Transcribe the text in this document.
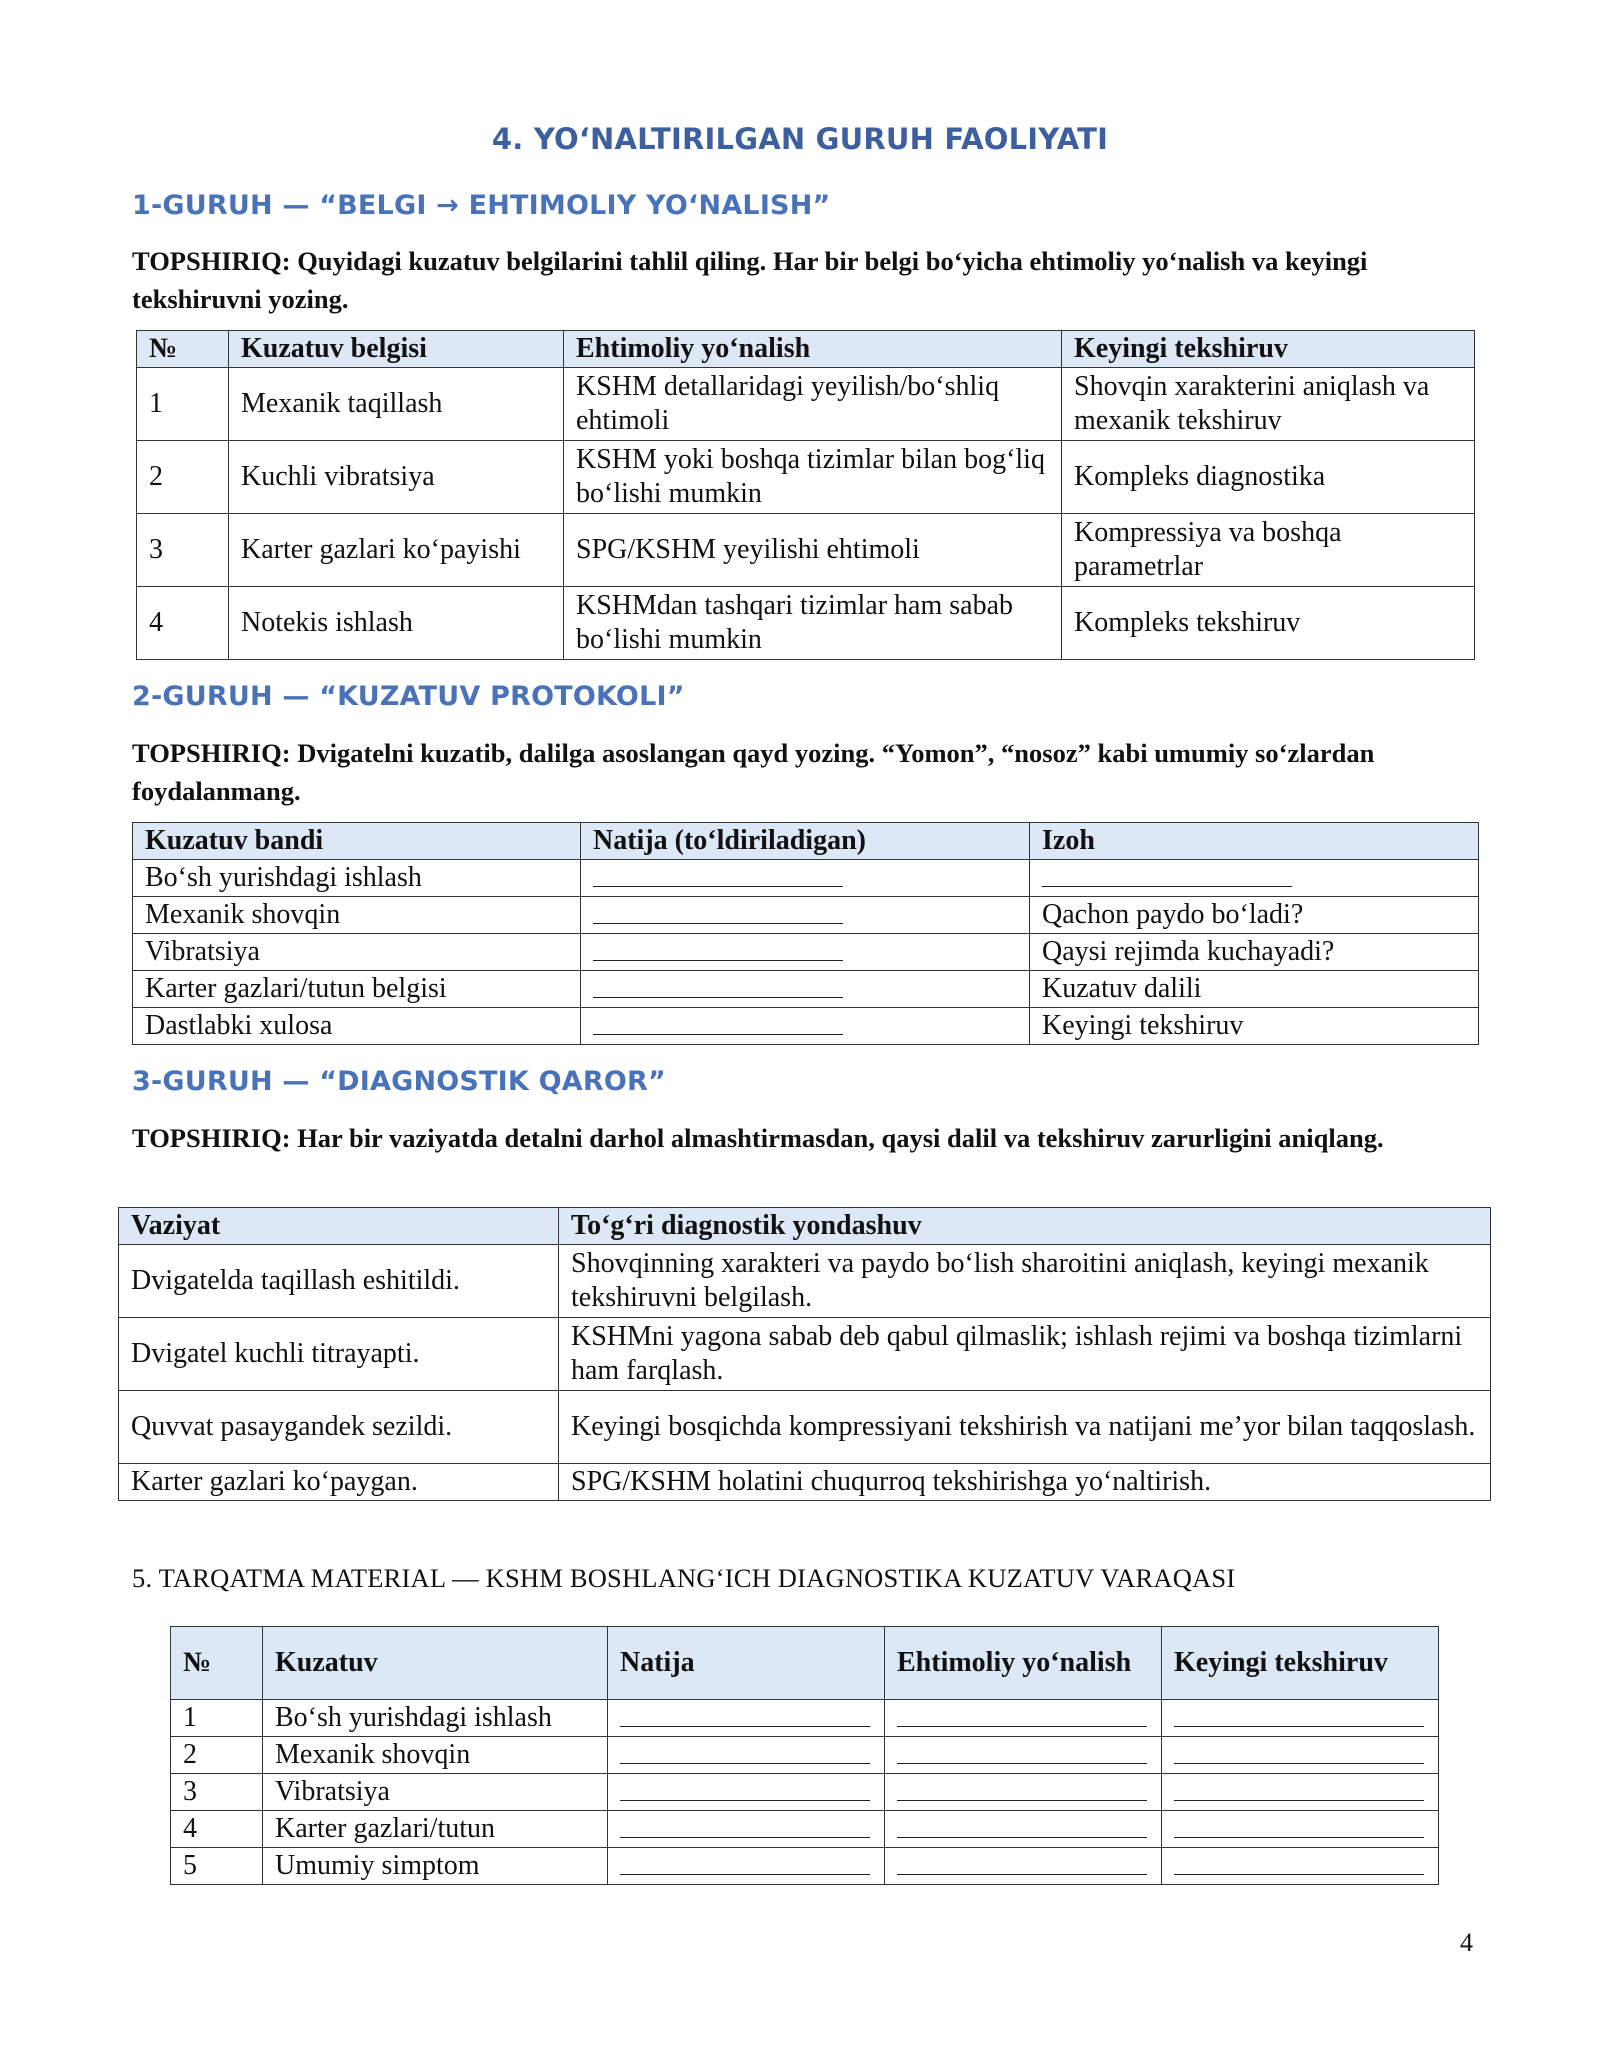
4. YO‘NALTIRILGAN GURUH FAOLIYATI
1-GURUH — “BELGI → EHTIMOLIY YO‘NALISH”
TOPSHIRIQ: Quyidagi kuzatuv belgilarini tahlil qiling. Har bir belgi bo‘yicha ehtimoliy yo‘nalish va keyingi tekshiruvni yozing.
№	Kuzatuv belgisi	Ehtimoliy yo‘nalish	Keyingi tekshiruv
1	Mexanik taqillash	KSHM detallaridagi yeyilish/bo‘shliq ehtimoli	Shovqin xarakterini aniqlash va mexanik tekshiruv
2	Kuchli vibratsiya	KSHM yoki boshqa tizimlar bilan bog‘liq bo‘lishi mumkin	Kompleks diagnostika
3	Karter gazlari ko‘payishi	SPG/KSHM yeyilishi ehtimoli	Kompressiya va boshqa parametrlar
4	Notekis ishlash	KSHMdan tashqari tizimlar ham sabab bo‘lishi mumkin	Kompleks tekshiruv
2-GURUH — “KUZATUV PROTOKOLI”
TOPSHIRIQ: Dvigatelni kuzatib, dalilga asoslangan qayd yozing. “Yomon”, “nosoz” kabi umumiy so‘zlardan foydalanmang.
Kuzatuv bandi	Natija (to‘ldiriladigan)	Izoh
Bo‘sh yurishdagi ishlash		
Mexanik shovqin		Qachon paydo bo‘ladi?
Vibratsiya		Qaysi rejimda kuchayadi?
Karter gazlari/tutun belgisi		Kuzatuv dalili
Dastlabki xulosa		Keyingi tekshiruv
3-GURUH — “DIAGNOSTIK QAROR”
TOPSHIRIQ: Har bir vaziyatda detalni darhol almashtirmasdan, qaysi dalil va tekshiruv zarurligini aniqlang.
Vaziyat	To‘g‘ri diagnostik yondashuv
Dvigatelda taqillash eshitildi.	Shovqinning xarakteri va paydo bo‘lish sharoitini aniqlash, keyingi mexanik tekshiruvni belgilash.
Dvigatel kuchli titrayapti.	KSHMni yagona sabab deb qabul qilmaslik; ishlash rejimi va boshqa tizimlarni ham farqlash.
Quvvat pasaygandek sezildi.	Keyingi bosqichda kompressiyani tekshirish va natijani me’yor bilan taqqoslash.
Karter gazlari ko‘paygan.	SPG/KSHM holatini chuqurroq tekshirishga yo‘naltirish.
5. TARQATMA MATERIAL — KSHM BOSHLANG‘ICH DIAGNOSTIKA KUZATUV VARAQASI
№	Kuzatuv	Natija	Ehtimoliy yo‘nalish	Keyingi tekshiruv
1	Bo‘sh yurishdagi ishlash			
2	Mexanik shovqin			
3	Vibratsiya			
4	Karter gazlari/tutun			
5	Umumiy simptom			
4
